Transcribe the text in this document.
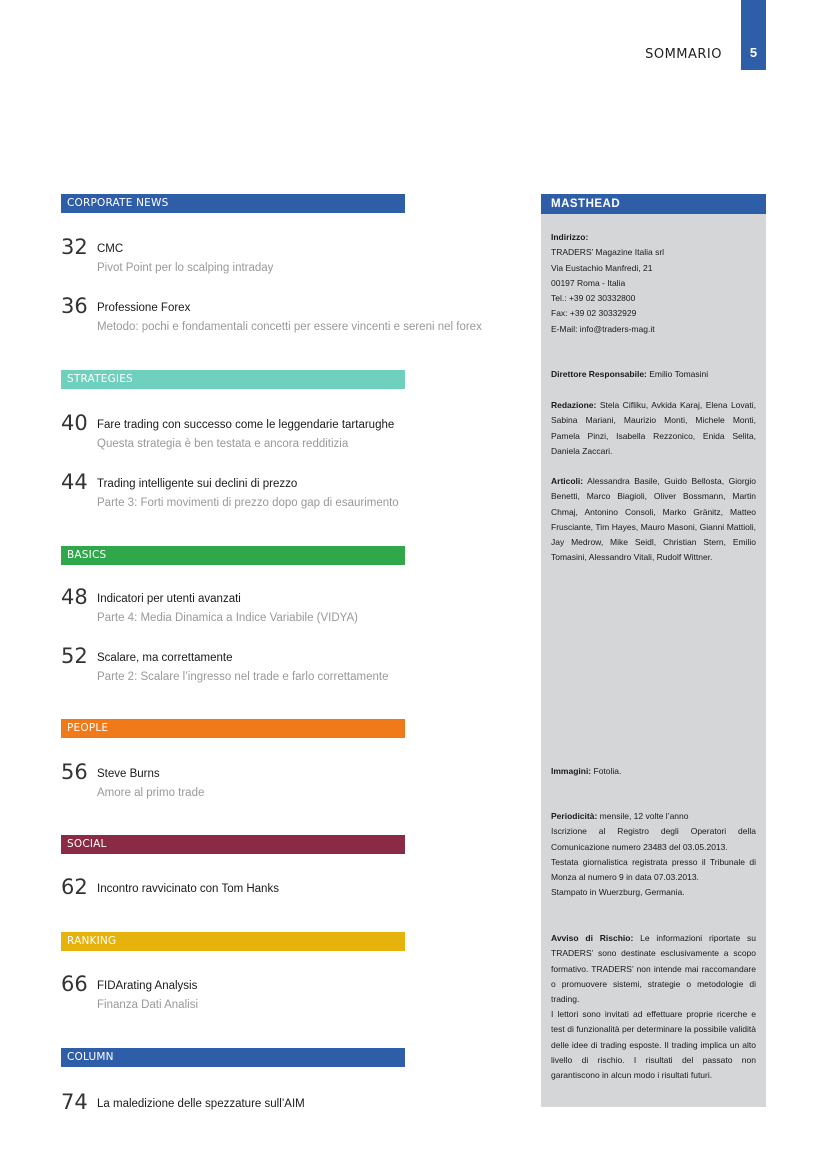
5
SOMMARIO
CORPORATE NEWS
32 CMC
Pivot Point per lo scalping intraday
36 Professione Forex
Metodo: pochi e fondamentali concetti per essere vincenti e sereni nel forex
STRATEGIES
40 Fare trading con successo come le leggendarie tartarughe
Questa strategia è ben testata e ancora redditizia
44 Trading intelligente sui declini di prezzo
Parte 3: Forti movimenti di prezzo dopo gap di esaurimento
BASICS
48 Indicatori per utenti avanzati
Parte 4: Media Dinamica a Indice Variabile (VIDYA)
52 Scalare, ma correttamente
Parte 2: Scalare l’ingresso nel trade e farlo correttamente
PEOPLE
56 Steve Burns
Amore al primo trade
SOCIAL
62 Incontro ravvicinato con Tom Hanks
RANKING
66 FIDArating Analysis
Finanza Dati Analisi
COLUMN
74 La maledizione delle spezzature sull’AIM
MASTHEAD
Indirizzo:
TRADERS’ Magazine Italia srl
Via Eustachio Manfredi, 21
00197 Roma - Italia
Tel.: +39 02 30332800
Fax: +39 02 30332929
E-Mail: info@traders-mag.it
Direttore Responsabile: Emilio Tomasini
Redazione: Stela Cifliku, Avkida Karaj, Elena Lovati, Sabina Mariani, Maurizio Monti, Michele Monti, Pamela Pinzi, Isabella Rezzonico, Enida Selita, Daniela Zaccari.
Articoli: Alessandra Basile, Guido Bellosta, Giorgio Benetti, Marco Biagioli, Oliver Bossmann, Martin Chmaj, Antonino Consoli, Marko Gränitz, Matteo Frusciante, Tim Hayes, Mauro Masoni, Gianni Mattioli, Jay Medrow, Mike Seidl, Christian Stern, Emilio Tomasini, Alessandro Vitali, Rudolf Wittner.
Immagini: Fotolia.
Periodicità: mensile, 12 volte l’anno
Iscrizione al Registro degli Operatori della Comunicazione numero 23483 del 03.05.2013.
Testata giornalistica registrata presso il Tribunale di Monza al numero 9 in data 07.03.2013.
Stampato in Wuerzburg, Germania.
Avviso di Rischio: Le informazioni riportate su TRADERS’ sono destinate esclusivamente a scopo formativo. TRADERS’ non intende mai raccomandare o promuovere sistemi, strategie o metodologie di trading.
I lettori sono invitati ad effettuare proprie ricerche e test di funzionalità per determinare la possibile validità delle idee di trading esposte. Il trading implica un alto livello di rischio. I risultati del passato non garantiscono in alcun modo i risultati futuri.
